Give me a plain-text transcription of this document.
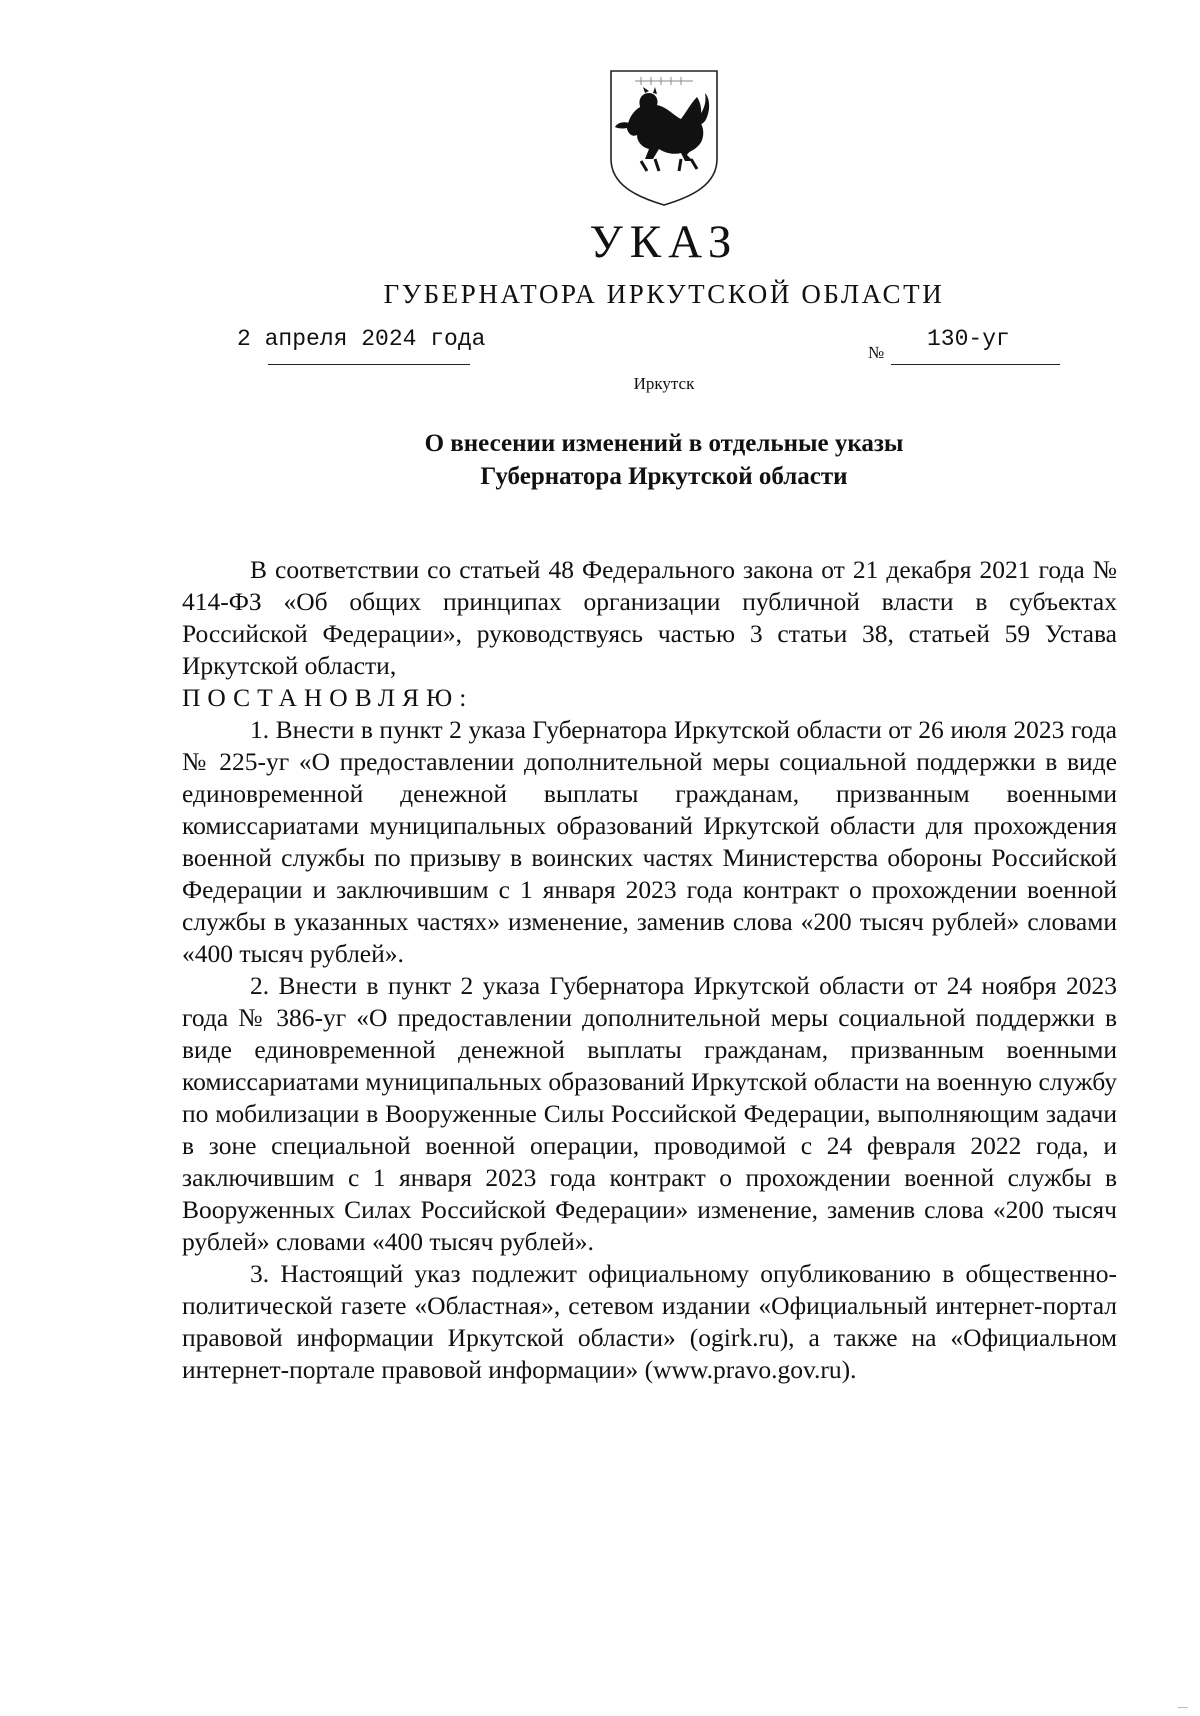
УКАЗ
ГУБЕРНАТОРА ИРКУТСКОЙ ОБЛАСТИ
2 апреля 2024 года
№
130-уг
Иркутск
О внесении изменений в отдельные указы
Губернатора Иркутской области

В соответствии со статьей 48 Федерального закона от 21 декабря 2021 года № 414-ФЗ «Об общих принципах организации публичной власти в субъектах Российской Федерации», руководствуясь частью 3 статьи 38, статьей 59 Устава Иркутской области,

ПОСТАНОВЛЯЮ:

1. Внести в пункт 2 указа Губернатора Иркутской области от 26 июля 2023 года № 225-уг «О предоставлении дополнительной меры социальной поддержки в виде единовременной денежной выплаты гражданам, призванным военными комиссариатами муниципальных образований Иркутской области для прохождения военной службы по призыву в воинских частях Министерства обороны Российской Федерации и заключившим с 1 января 2023 года контракт о прохождении военной службы в указанных частях» изменение, заменив слова «200 тысяч рублей» словами «400 тысяч рублей».

2. Внести в пункт 2 указа Губернатора Иркутской области от 24 ноября 2023 года № 386-уг «О предоставлении дополнительной меры социальной поддержки в виде единовременной денежной выплаты гражданам, призванным военными комиссариатами муниципальных образований Иркутской области на военную службу по мобилизации в Вооруженные Силы Российской Федерации, выполняющим задачи в зоне специальной военной операции, проводимой с 24 февраля 2022 года, и заключившим с 1 января 2023 года контракт о прохождении военной службы в Вооруженных Силах Российской Федерации» изменение, заменив слова «200 тысяч рублей» словами «400 тысяч рублей».

3. Настоящий указ подлежит официальному опубликованию в общественно-политической газете «Областная», сетевом издании «Официальный интернет-портал правовой информации Иркутской области» (ogirk.ru), а также на «Официальном интернет-портале правовой информации» (www.pravo.gov.ru).
